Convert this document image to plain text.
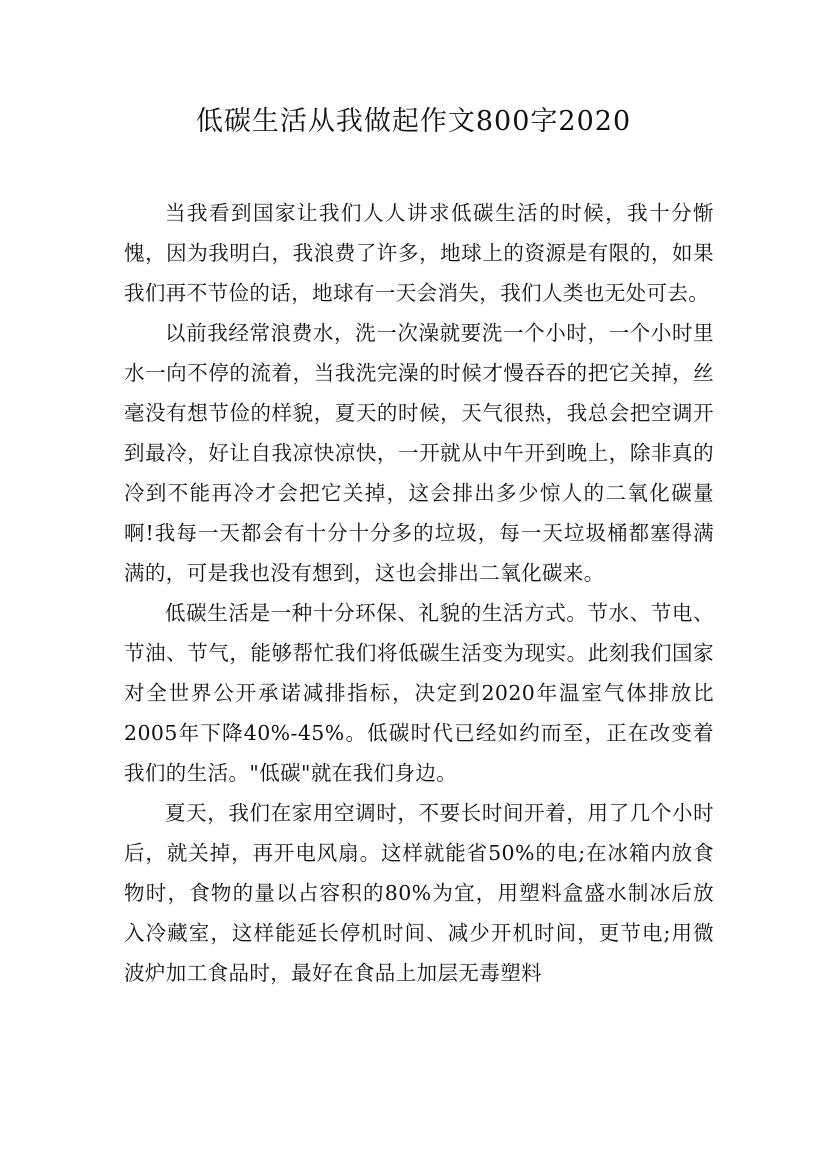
低碳生活从我做起作文800字2020

当我看到国家让我们人人讲求低碳生活的时候，我十分惭愧，因为我明白，我浪费了许多，地球上的资源是有限的，如果我们再不节俭的话，地球有一天会消失，我们人类也无处可去。

以前我经常浪费水，洗一次澡就要洗一个小时，一个小时里水一向不停的流着，当我洗完澡的时候才慢吞吞的把它关掉，丝毫没有想节俭的样貌，夏天的时候，天气很热，我总会把空调开到最冷，好让自我凉快凉快，一开就从中午开到晚上，除非真的冷到不能再冷才会把它关掉，这会排出多少惊人的二氧化碳量啊!我每一天都会有十分十分多的垃圾，每一天垃圾桶都塞得满满的，可是我也没有想到，这也会排出二氧化碳来。

低碳生活是一种十分环保、礼貌的生活方式。节水、节电、节油、节气，能够帮忙我们将低碳生活变为现实。此刻我们国家对全世界公开承诺减排指标，决定到2020年温室气体排放比2005年下降40%-45%。低碳时代已经如约而至，正在改变着我们的生活。"低碳"就在我们身边。

夏天，我们在家用空调时，不要长时间开着，用了几个小时后，就关掉，再开电风扇。这样就能省50%的电;在冰箱内放食物时，食物的量以占容积的80%为宜，用塑料盒盛水制冰后放入冷藏室，这样能延长停机时间、减少开机时间，更节电;用微波炉加工食品时，最好在食品上加层无毒塑料
